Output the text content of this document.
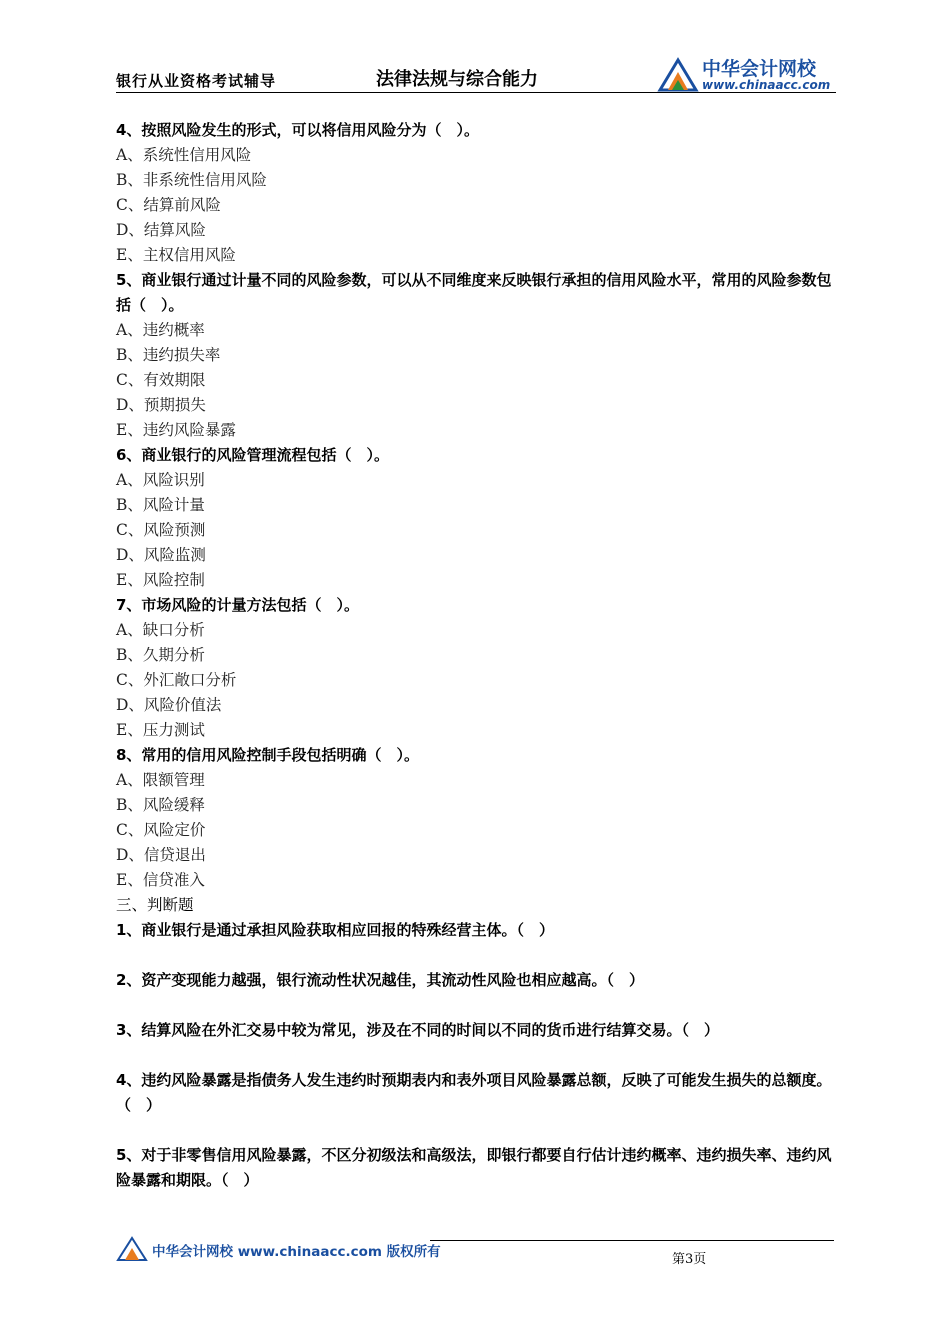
银行从业资格考试辅导	法律法规与综合能力	中华会计网校
www.chinaacc.com
4、按照风险发生的形式，可以将信用风险分为（　）。
A、系统性信用风险
B、非系统性信用风险
C、结算前风险
D、结算风险
E、主权信用风险
5、商业银行通过计量不同的风险参数，可以从不同维度来反映银行承担的信用风险水平，常用的风险参数包括（　）。
A、违约概率
B、违约损失率
C、有效期限
D、预期损失
E、违约风险暴露
6、商业银行的风险管理流程包括（　）。
A、风险识别
B、风险计量
C、风险预测
D、风险监测
E、风险控制
7、市场风险的计量方法包括（　）。
A、缺口分析
B、久期分析
C、外汇敞口分析
D、风险价值法
E、压力测试
8、常用的信用风险控制手段包括明确（　）。
A、限额管理
B、风险缓释
C、风险定价
D、信贷退出
E、信贷准入
三、判断题
1、商业银行是通过承担风险获取相应回报的特殊经营主体。（　）
2、资产变现能力越强，银行流动性状况越佳，其流动性风险也相应越高。（　）
3、结算风险在外汇交易中较为常见，涉及在不同的时间以不同的货币进行结算交易。（　）
4、违约风险暴露是指债务人发生违约时预期表内和表外项目风险暴露总额，反映了可能发生损失的总额度。（　）
5、对于非零售信用风险暴露，不区分初级法和高级法，即银行都要自行估计违约概率、违约损失率、违约风险暴露和期限。（　）
中华会计网校 www.chinaacc.com 版权所有	第3页
